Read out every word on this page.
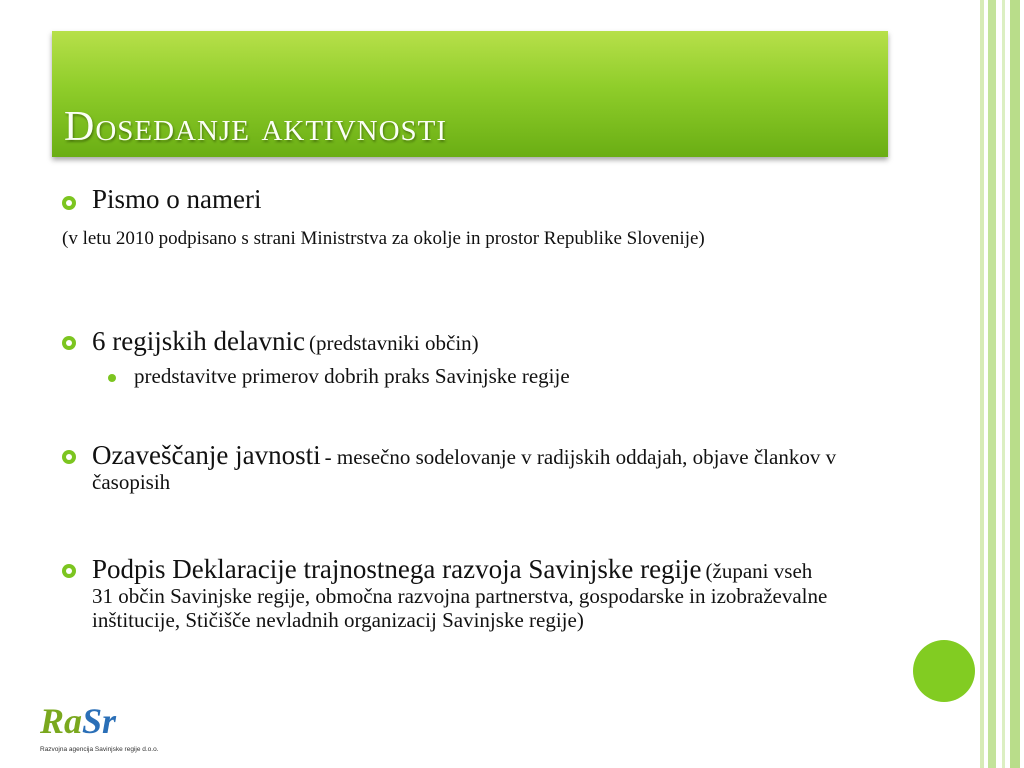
Dosedanje aktivnosti
Pismo o nameri
(v letu 2010 podpisano s strani Ministrstva za okolje in prostor Republike Slovenije)
6 regijskih delavnic (predstavniki občin)
predstavitve primerov dobrih praks Savinjske regije
Ozaveščanje javnosti - mesečno sodelovanje v radijskih oddajah, objave člankov v časopisih
Podpis Deklaracije trajnostnega razvoja Savinjske regije (župani vseh 31 občin Savinjske regije, območna razvojna partnerstva, gospodarske in izobraževalne inštitucije, Stičišče nevladnih organizacij Savinjske regije)
RaSr
Razvojna agencija Savinjske regije d.o.o.
